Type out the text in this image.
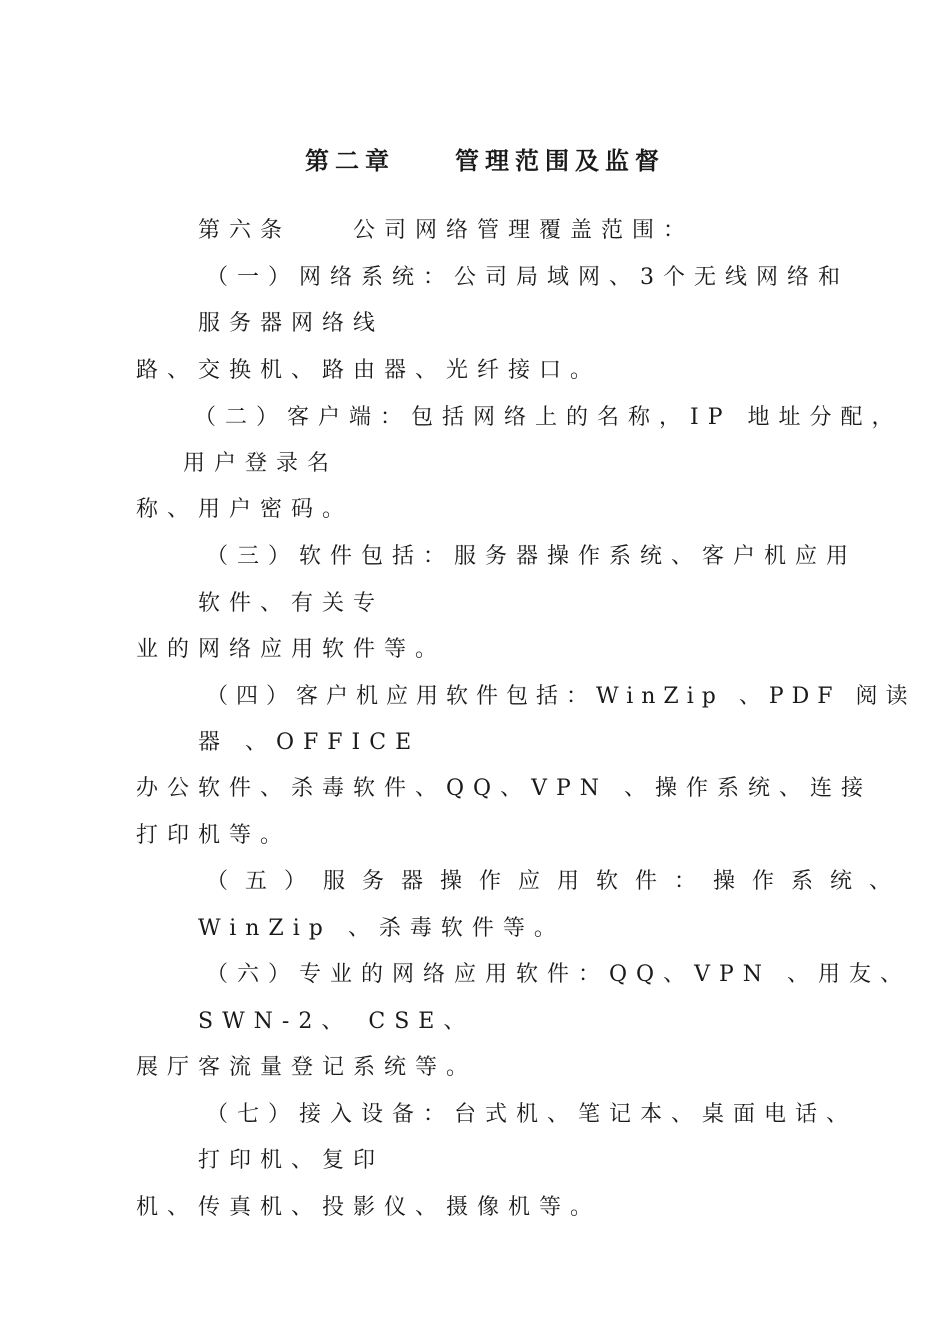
第二章　　管理范围及监督
第六条　　公司网络管理覆盖范围：
（一）网络系统：公司局域网、3个无线网络和
服务器网络线
路、交换机、路由器、光纤接口。
（二）客户端：包括网络上的名称，IP 地址分配，
用户登录名
称、用户密码。
（三）软件包括：服务器操作系统、客户机应用
软件、有关专
业的网络应用软件等。
（四）客户机应用软件包括：WinZip 、PDF 阅读
器 、OFFICE
办公软件、杀毒软件、QQ、VPN 、操作系统、连接
打印机等。
（五）服务器操作应用软件：操作系统、
WinZip 、杀毒软件等。
（六）专业的网络应用软件：QQ、VPN 、用友、
SWN-2、 CSE、
展厅客流量登记系统等。
（七）接入设备：台式机、笔记本、桌面电话、
打印机、复印
机、传真机、投影仪、摄像机等。
